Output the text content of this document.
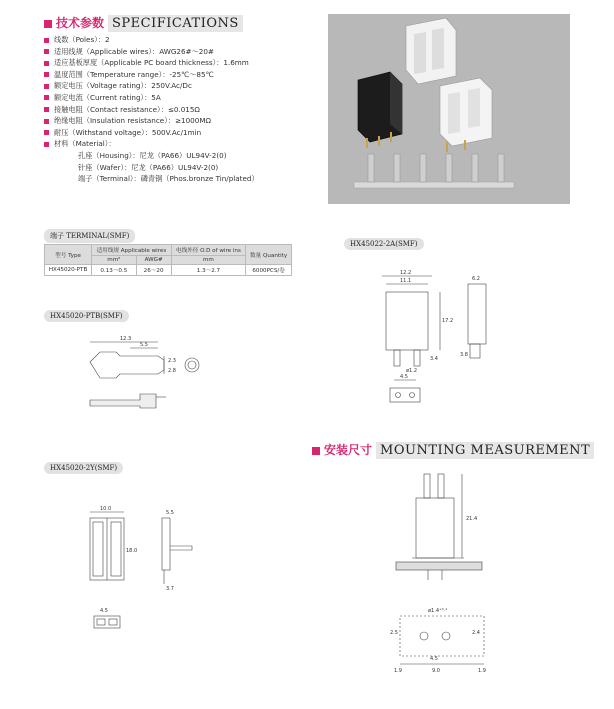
技术参数 SPECIFICATIONS
线数（Poles）：2
适用线规（Applicable wires）：AWG26#～20#
适应基板厚度（Applicable PC board thickness）：1.6mm
温度范围（Temperature range）：-25℃～85℃
额定电压（Voltage rating）：250V.Ac/Dc
额定电流（Current rating）：5A
接触电阻（Contact resistance）：≤0.015Ω
绝缘电阻（Insulation resistance）：≥1000MΩ
耐压（Withstand voltage）：500V.Ac/1min
材料（Material）：
孔座（Housing）：尼龙（PA66）UL94V-2(0)
针座（Wafer）：尼龙（PA66）UL94V-2(0)
端子（Terminal）：磷青铜（Phos.bronze Tin/plated）
端子 TERMINAL(SMF)
型号 Type	适用线规 Applicable wires		电线外径 O.D of wire ins	数量 Quantity
	mm²	AWG#	mm	
HX45020-PTB	0.13～0.5	26～20	1.3～2.7	6000PCS/卷
HX45020-PTB(SMF)
12.3
5.5
2.3
2.8
HX45022-2A(SMF)
12.2
11.1
17.2
3.4
6.2
3.8
ø1.2
4.5
安装尺寸 MOUNTING MEASUREMENT
HX45020-2Y(SMF)
10.0
18.0
5.5
3.7
4.5
21.4
ø1.4⁺⁰·¹
2.5	2.4
4.5
9.0
1.9	1.9
